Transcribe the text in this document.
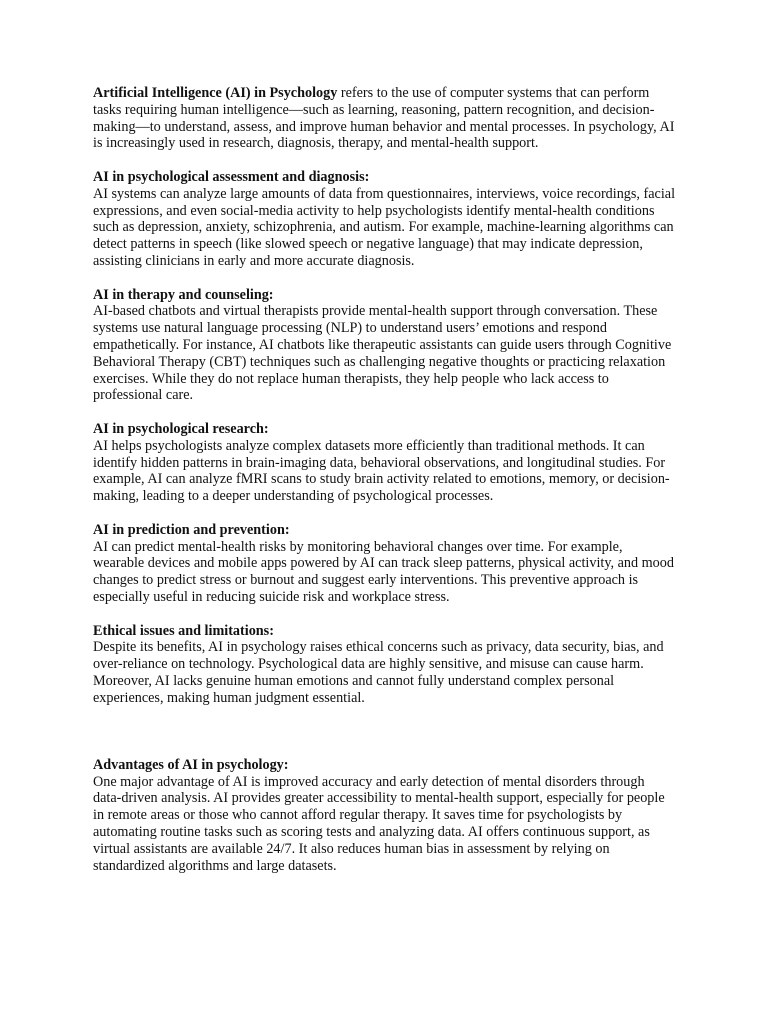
Artificial Intelligence (AI) in Psychology refers to the use of computer systems that can perform tasks requiring human intelligence—such as learning, reasoning, pattern recognition, and decision-making—to understand, assess, and improve human behavior and mental processes. In psychology, AI is increasingly used in research, diagnosis, therapy, and mental-health support.

AI in psychological assessment and diagnosis:

AI systems can analyze large amounts of data from questionnaires, interviews, voice recordings, facial expressions, and even social-media activity to help psychologists identify mental-health conditions such as depression, anxiety, schizophrenia, and autism. For example, machine-learning algorithms can detect patterns in speech (like slowed speech or negative language) that may indicate depression, assisting clinicians in early and more accurate diagnosis.

AI in therapy and counseling:

AI-based chatbots and virtual therapists provide mental-health support through conversation. These systems use natural language processing (NLP) to understand users’ emotions and respond empathetically. For instance, AI chatbots like therapeutic assistants can guide users through Cognitive Behavioral Therapy (CBT) techniques such as challenging negative thoughts or practicing relaxation exercises. While they do not replace human therapists, they help people who lack access to professional care.

AI in psychological research:

AI helps psychologists analyze complex datasets more efficiently than traditional methods. It can identify hidden patterns in brain-imaging data, behavioral observations, and longitudinal studies. For example, AI can analyze fMRI scans to study brain activity related to emotions, memory, or decision-making, leading to a deeper understanding of psychological processes.

AI in prediction and prevention:

AI can predict mental-health risks by monitoring behavioral changes over time. For example, wearable devices and mobile apps powered by AI can track sleep patterns, physical activity, and mood changes to predict stress or burnout and suggest early interventions. This preventive approach is especially useful in reducing suicide risk and workplace stress.

Ethical issues and limitations:

Despite its benefits, AI in psychology raises ethical concerns such as privacy, data security, bias, and over-reliance on technology. Psychological data are highly sensitive, and misuse can cause harm. Moreover, AI lacks genuine human emotions and cannot fully understand complex personal experiences, making human judgment essential.

Advantages of AI in psychology:

One major advantage of AI is improved accuracy and early detection of mental disorders through data-driven analysis. AI provides greater accessibility to mental-health support, especially for people in remote areas or those who cannot afford regular therapy. It saves time for psychologists by automating routine tasks such as scoring tests and analyzing data. AI offers continuous support, as virtual assistants are available 24/7. It also reduces human bias in assessment by relying on standardized algorithms and large datasets.
